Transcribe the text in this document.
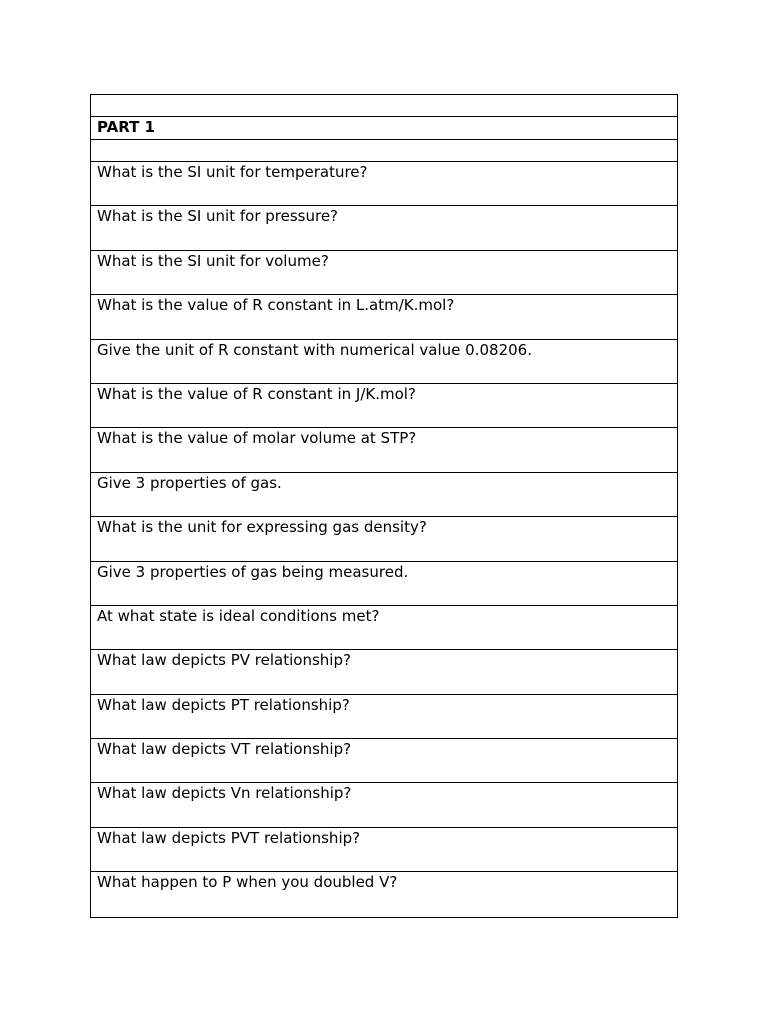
PART 1
What is the SI unit for temperature?
What is the SI unit for pressure?
What is the SI unit for volume?
What is the value of R constant in L.atm/K.mol?
Give the unit of R constant with numerical value 0.08206.
What is the value of R constant in J/K.mol?
What is the value of molar volume at STP?
Give 3 properties of gas.
What is the unit for expressing gas density?
Give 3 properties of gas being measured.
At what state is ideal conditions met?
What law depicts PV relationship?
What law depicts PT relationship?
What law depicts VT relationship?
What law depicts Vn relationship?
What law depicts PVT relationship?
What happen to P when you doubled V?
